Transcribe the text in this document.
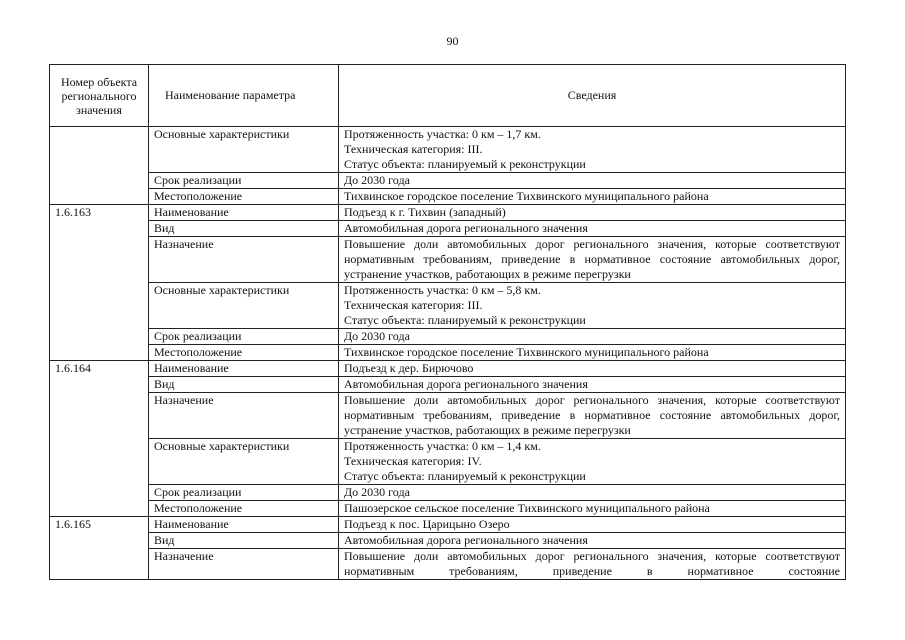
90
Номер объекта регионального значения	Наименование параметра	Сведения
	Основные характеристики	Протяженность участка: 0 км – 1,7 км.
Техническая категория: III.
Статус объекта: планируемый к реконструкции
	Срок реализации	До 2030 года
	Местоположение	Тихвинское городское поселение Тихвинского муниципального района
1.6.163	Наименование	Подъезд к г. Тихвин (западный)
	Вид	Автомобильная дорога регионального значения
	Назначение	Повышение доли автомобильных дорог регионального значения, которые соответствуют нормативным требованиям, приведение в нормативное состояние автомобильных дорог, устранение участков, работающих в режиме перегрузки
	Основные характеристики	Протяженность участка: 0 км – 5,8 км.
Техническая категория: III.
Статус объекта: планируемый к реконструкции
	Срок реализации	До 2030 года
	Местоположение	Тихвинское городское поселение Тихвинского муниципального района
1.6.164	Наименование	Подъезд к дер. Бирючово
	Вид	Автомобильная дорога регионального значения
	Назначение	Повышение доли автомобильных дорог регионального значения, которые соответствуют нормативным требованиям, приведение в нормативное состояние автомобильных дорог, устранение участков, работающих в режиме перегрузки
	Основные характеристики	Протяженность участка: 0 км – 1,4 км.
Техническая категория: IV.
Статус объекта: планируемый к реконструкции
	Срок реализации	До 2030 года
	Местоположение	Пашозерское сельское поселение Тихвинского муниципального района
1.6.165	Наименование	Подъезд к пос. Царицыно Озеро
	Вид	Автомобильная дорога регионального значения
	Назначение	Повышение доли автомобильных дорог регионального значения, которые соответствуют нормативным требованиям, приведение в нормативное состояние
